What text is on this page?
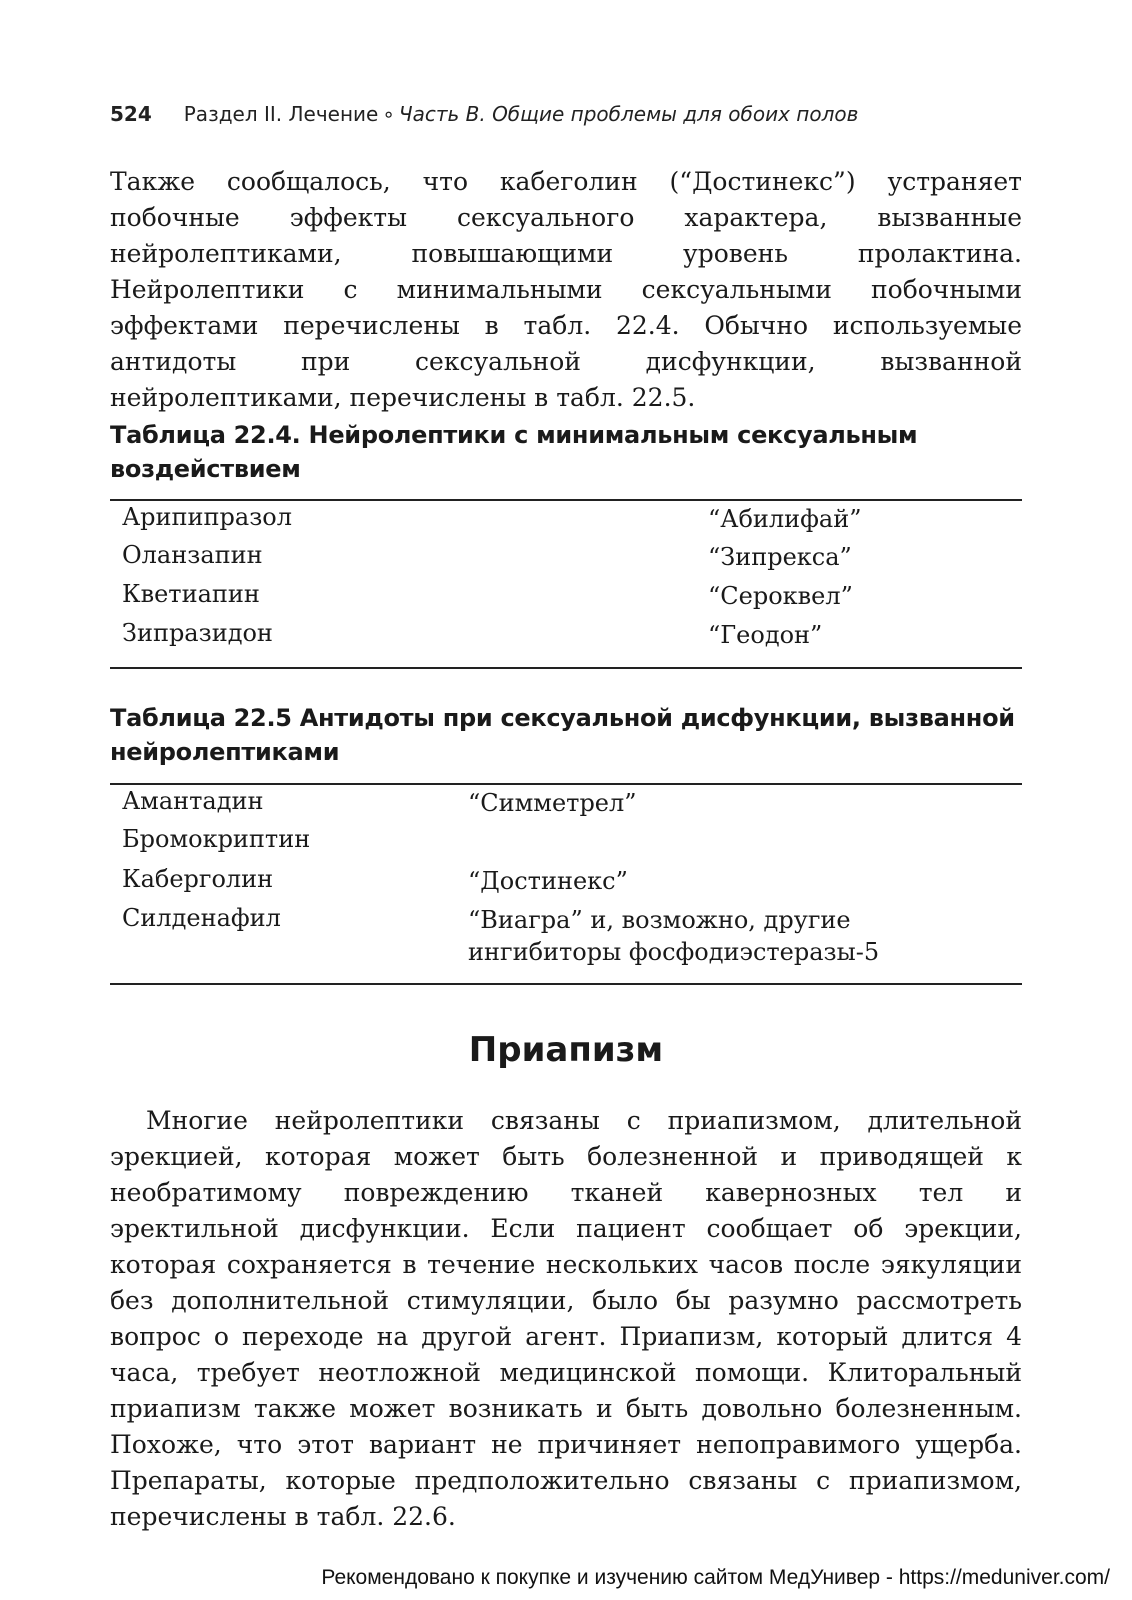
524 Раздел II. Лечение ∘ Часть B. Общие проблемы для обоих полов

Также сообщалось, что кабеголин (“Достинекс”) устраняет побочные эффекты сексуального характера, вызванные нейролептиками, повышающими уровень пролактина. Нейролептики с минимальными сексуальными побочными эффектами перечислены в табл. 22.4. Обычно используемые антидоты при сексуальной дисфункции, вызванной нейролептиками, перечислены в табл. 22.5.

Таблица 22.4. Нейролептики с минимальным сексуальным воздействием

Арипипразол	“Абилифай”
Оланзапин	“Зипрекса”
Кветиапин	“Сероквел”
Зипразидон	“Геодон”

Таблица 22.5 Антидоты при сексуальной дисфункции, вызванной нейролептиками

Амантадин	“Симметрел”
Бромокриптин
Каберголин	“Достинекс”
Силденафил	“Виагра” и, возможно, другие ингибиторы фосфодиэстеразы-5
Приапизм

Многие нейролептики связаны с приапизмом, длительной эрекцией, которая может быть болезненной и приводящей к необратимому повреждению тканей кавернозных тел и эректильной дисфункции. Если пациент сообщает об эрекции, которая сохраняется в течение нескольких часов после эякуляции без дополнительной стимуляции, было бы разумно рассмотреть вопрос о переходе на другой агент. Приапизм, который длится 4 часа, требует неотложной медицинской помощи. Клиторальный приапизм также может возникать и быть довольно болезненным. Похоже, что этот вариант не причиняет непоправимого ущерба. Препараты, которые предположительно связаны с приапизмом, перечислены в табл. 22.6.

Рекомендовано к покупке и изучению сайтом МедУнивер - https://meduniver.com/
